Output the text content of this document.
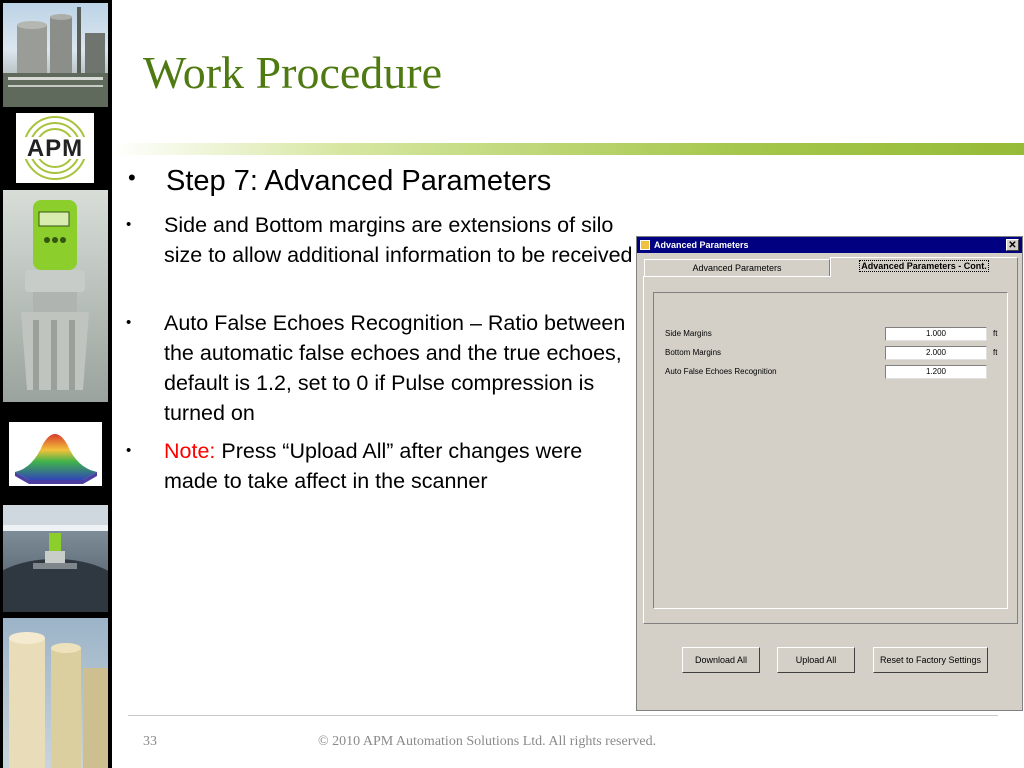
APM
Work Procedure
• Step 7: Advanced Parameters
• Side and Bottom margins are extensions of silo size to allow additional information to be received
• Auto False Echoes Recognition – Ratio between the automatic false echoes and the true echoes, default is 1.2, set to 0 if Pulse compression is turned on
• Note: Press “Upload All” after changes were made to take affect in the scanner
Advanced Parameters	✕
Advanced Parameters	Advanced Parameters - Cont.
Side Margins	1.000	ft
Bottom Margins	2.000	ft
Auto False Echoes Recognition	1.200
Download All	Upload All	Reset to Factory Settings
33	© 2010 APM Automation Solutions Ltd. All rights reserved.
